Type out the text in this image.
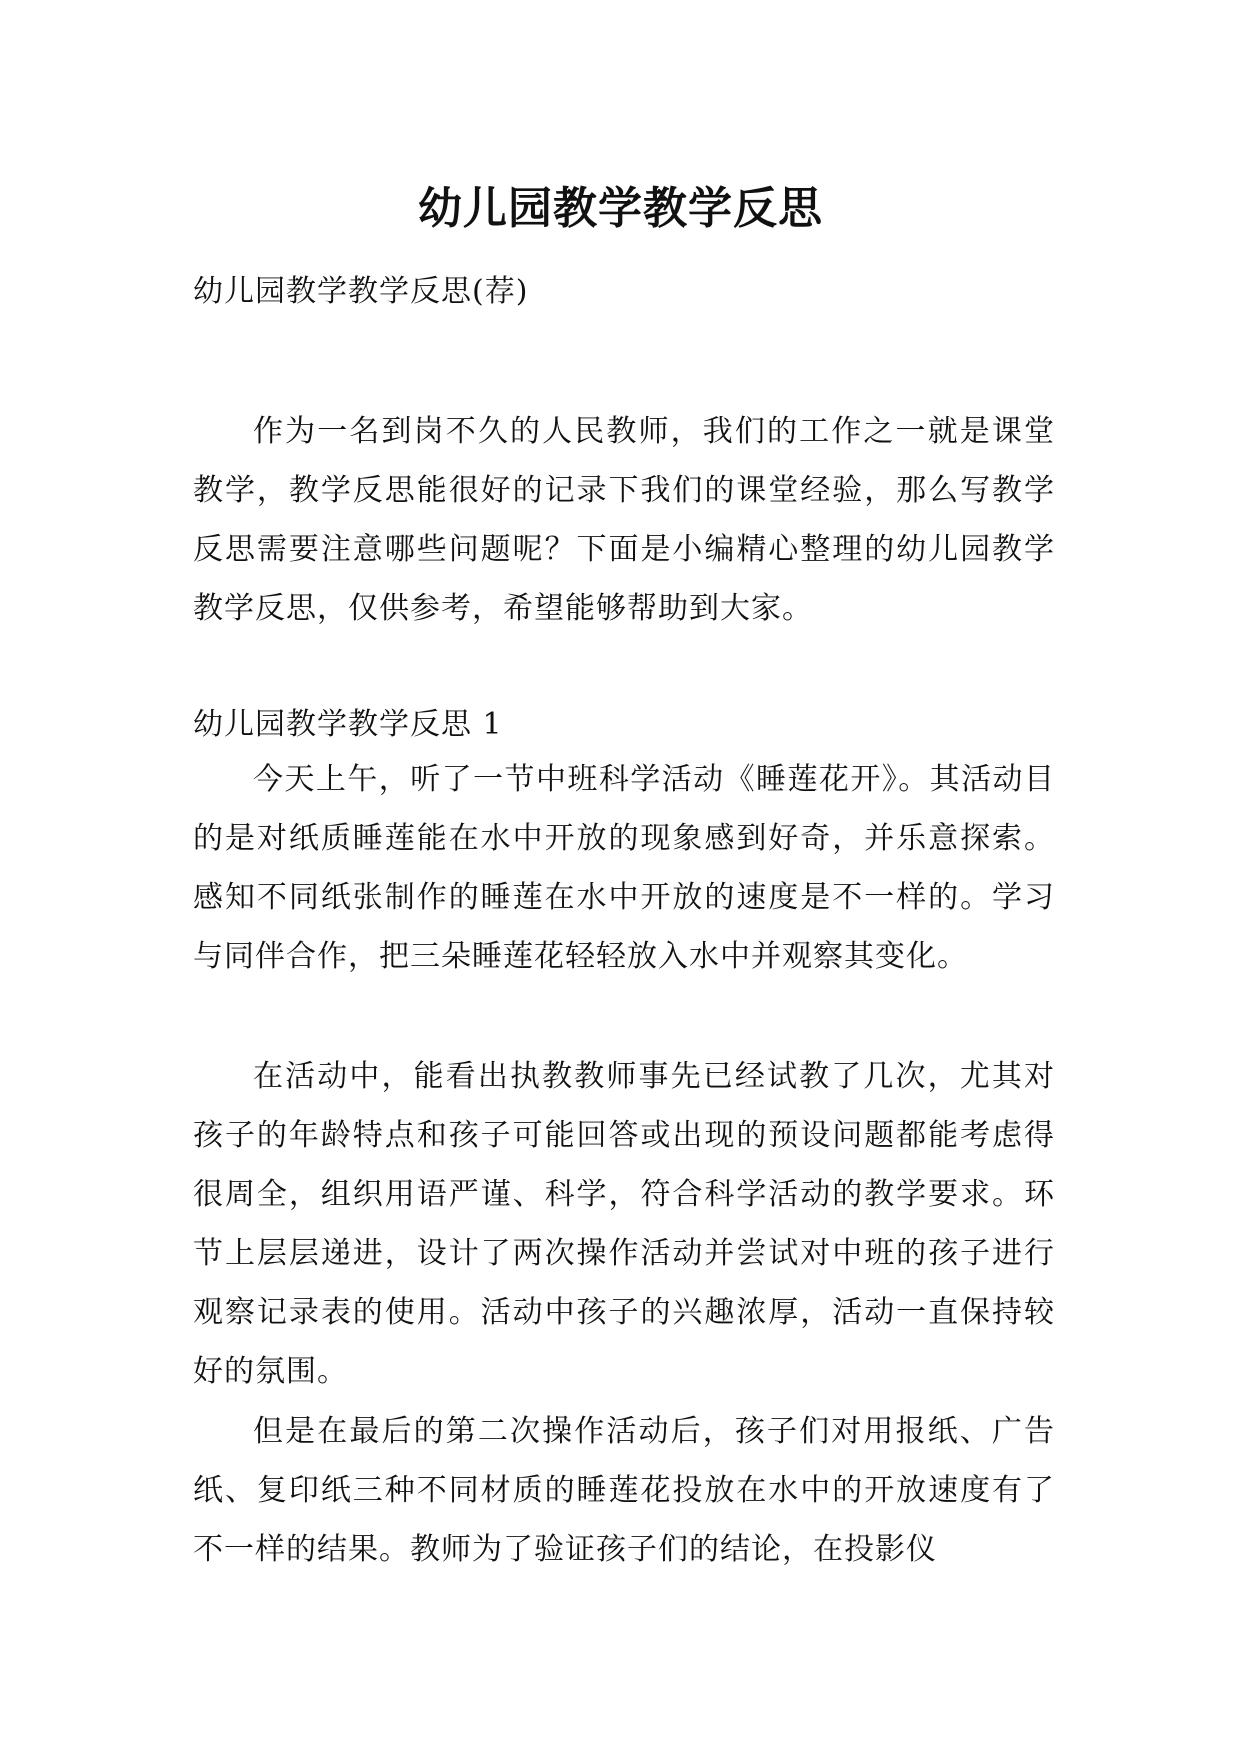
幼儿园教学教学反思

幼儿园教学教学反思(荐)

作为一名到岗不久的人民教师，我们的工作之一就是课堂教学，教学反思能很好的记录下我们的课堂经验，那么写教学反思需要注意哪些问题呢？下面是小编精心整理的幼儿园教学教学反思，仅供参考，希望能够帮助到大家。

幼儿园教学教学反思 1

今天上午，听了一节中班科学活动《睡莲花开》。其活动目的是对纸质睡莲能在水中开放的现象感到好奇，并乐意探索。感知不同纸张制作的睡莲在水中开放的速度是不一样的。学习与同伴合作，把三朵睡莲花轻轻放入水中并观察其变化。

在活动中，能看出执教教师事先已经试教了几次，尤其对孩子的年龄特点和孩子可能回答或出现的预设问题都能考虑得很周全，组织用语严谨、科学，符合科学活动的教学要求。环节上层层递进，设计了两次操作活动并尝试对中班的孩子进行观察记录表的使用。活动中孩子的兴趣浓厚，活动一直保持较好的氛围。

但是在最后的第二次操作活动后，孩子们对用报纸、广告纸、复印纸三种不同材质的睡莲花投放在水中的开放速度有了不一样的结果。教师为了验证孩子们的结论，在投影仪
